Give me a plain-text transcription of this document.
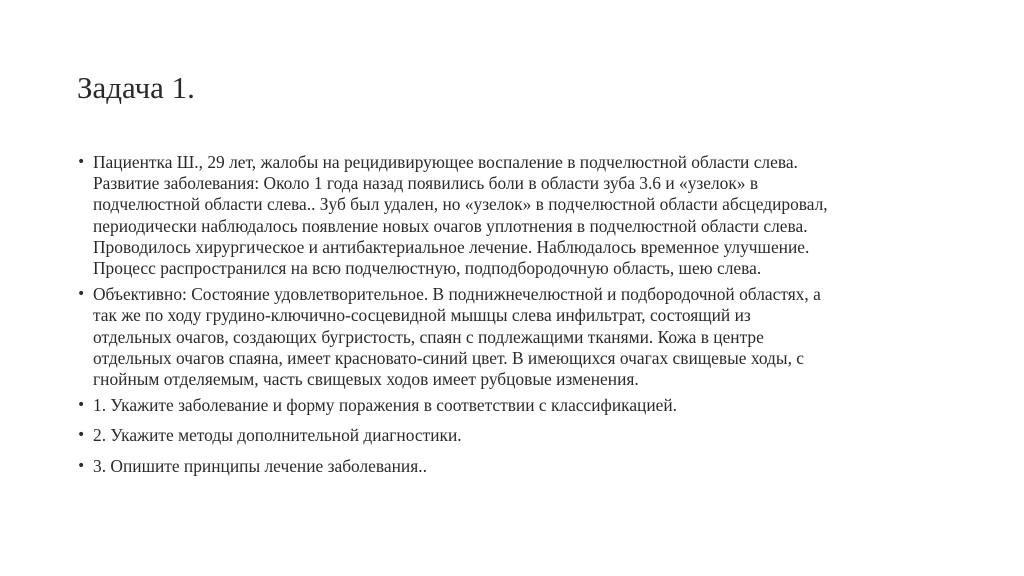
Задача 1.
• Пациентка Ш., 29 лет, жалобы на рецидивирующее воспаление в подчелюстной области слева.
Развитие заболевания: Около 1 года назад появились боли в области зуба 3.6 и «узелок» в
подчелюстной области слева.. Зуб был удален, но «узелок» в подчелюстной области абсцедировал,
периодически наблюдалось появление новых очагов уплотнения в подчелюстной области слева.
Проводилось хирургическое и антибактериальное лечение. Наблюдалось временное улучшение.
Процесс распространился на всю подчелюстную, подподбородочную область, шею слева.
• Объективно: Состояние удовлетворительное. В поднижнечелюстной и подбородочной областях, а
так же по ходу грудино-ключично-сосцевидной мышцы слева инфильтрат, состоящий из
отдельных очагов, создающих бугристость, спаян с подлежащими тканями. Кожа в центре
отдельных очагов спаяна, имеет красновато-синий цвет. В имеющихся очагах свищевые ходы, с
гнойным отделяемым, часть свищевых ходов имеет рубцовые изменения.
• 1. Укажите заболевание и форму поражения в соответствии с классификацией.
• 2. Укажите методы дополнительной диагностики.
• 3. Опишите принципы лечение заболевания..
